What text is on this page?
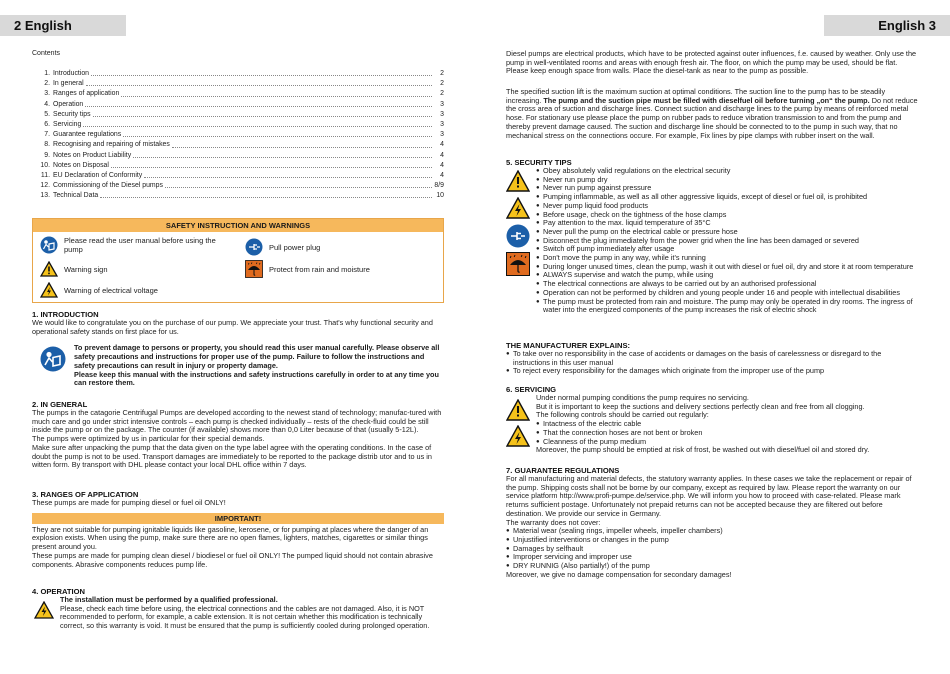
2 English	English 3
Contents
1. Introduction	2
2. In general	2
3. Ranges of application	2
4. Operation	3
5. Security tips	3
6. Servicing	3
7. Guarantee regulations	3
8. Recognising and repairing of mistakes	4
9. Notes on Product Liability	4
10. Notes on Disposal	4
11. EU Declaration of Conformity	4
12. Commissioning of the Diesel pumps	8/9
13. Technical Data	10
SAFETY INSTRUCTION AND WARNINGS
Please read the user manual before using the pump
Warning sign
Warning of electrical voltage
Pull power plug
Protect from rain and moisture
1. INTRODUCTION
We would like to congratulate you on the purchase of our pump. We appreciate your trust. That's why functional security and operational safety stands on first place for us.
To prevent damage to persons or property, you should read this user manual carefully. Please observe all safety precautions and instructions for proper use of the pump. Failure to follow the instructions and safety precautions can result in injury or property damage.
Please keep this manual with the instructions and safety instructions carefully in order to at any time you can restore them.
2. IN GENERAL
The pumps in the catagorie Centrifugal Pumps are developed according to the newest stand of technology; manufac-tured with much care and go under strict intensive controls – each pump is checked individually – rests of the check-fluid could be still inside the pump or on the package. The counter (if available) shows more than 0,0 Liter because of that (usually 5-12L).
The pumps were optimized by us in particular for their special demands.
Make sure after unpacking the pump that the data given on the type label agree with the operating conditions. In the case of doubt the pump is not to be used. Transport damages are immediately to be reported to the package distrib utor and to us in witten form. By transport with DHL please contact your local DHL office within 7 days.
3. RANGES OF APPLICATION
These pumps are made for pumping diesel or fuel oil ONLY!
IMPORTANT!
They are not suitable for pumping ignitable liquids like gasoline, kerosene, or for pumping at places where the danger of an explosion exists. When using the pump, make sure there are no open flames, lighters, matches, cigarettes or similar things present around you.
These pumps are made for pumping clean diesel / biodiesel or fuel oil ONLY! The pumped liquid should not contain abrasive components. Abrasive components reduces pump life.
4. OPERATION
The installation must be performed by a qualified professional.
Please, check each time before using, the electrical connections and the cables are not damaged. Also, it is NOT recommended to perform, for example, a cable extension. It is not certain whether this modification is technically correct, so this warranty is void. It must be ensured that the pump is sufficiently cooled during prolonged operation.
Diesel pumps are electrical products, which have to be protected against outer influences, f.e. caused by weather. Only use the pump in well-ventilated rooms and areas with enough fresh air. The floor, on which the pump may be used, should be flat. Please keep enough space from walls. Place the diesel-tank as near to the pump as possible.
The specified suction lift is the maximum suction at optimal conditions. The suction line to the pump has to be steadily increasing. The pump and the suction pipe must be filled with dieselfuel oil before turning „on“ the pump. Do not reduce the cross area of suction and discharge lines. Connect suction and discharge lines to the pump by means of reinforced metal hose. For stationary use please place the pump on rubber pads to reduce vibration transmission to and from the pump and thereby prevent damage caused. The suction and discharge line should be connected to to the pump in such way, that no mechanical stress on the connections occure. For example, Fix lines by pipe clamps with rubber insert on the wall.
5. SECURITY TIPS
● Obey absolutely valid regulations on the electrical security
● Never run pump dry
● Never run pump against pressure
● Pumping inflammable, as well as all other aggressive liquids, except of diesel or fuel oil, is prohibited
● Never pump liquid food products
● Before usage, check on the tightness of the hose clamps
● Pay attention to the max. liquid temperature of 35°C
● Never pull the pump on the electrical cable or pressure hose
● Disconnect the plug immediately from the power grid when the line has been damaged or severed
● Switch off pump immediately after usage
● Don't move the pump in any way, while it's running
● During longer unused times, clean the pump, wash it out with diesel or fuel oil, dry and store it at room temperature
● ALWAYS supervise and watch the pump, while using
● The electrical connections are always to be carried out by an authorised professional
● Operation can not be performed by children and young people under 16 and people with intellectual disabilities
● The pump must be protected from rain and moisture. The pump may only be operated in dry rooms. The ingress of water into the energized components of the pump increases the risk of electric shock
THE MANUFACTURER EXPLAINS:
● To take over no responsibility in the case of accidents or damages on the basis of carelessness or disregard to the instructions in this user manual
● To reject every responsibility for the damages which originate from the improper use of the pump
6. SERVICING
Under normal pumping conditions the pump requires no servicing.
But it is important to keep the suctions and delivery sections perfectly clean and free from all clogging.
The following controls should be carried out regularly:
● Intactness of the electric cable
● That the connection hoses are not bent or broken
● Cleanness of the pump medium
Moreover, the pump should be emptied at risk of frost, be washed out with diesel/fuel oil and stored dry.
7. GUARANTEE REGULATIONS
For all manufacturing and material defects, the statutory warranty applies. In these cases we take the replacement or repair of the pump. Shipping costs shall not be borne by our company, except as required by law. Please report the warranty on our service platform http://www.profi-pumpe.de/service.php. We will inform you how to proceed with case-related. Please mark returns sufficient postage. Unfortunately not prepaid returns can not be accepted because they are filtered out before destination. We provide our service in Germany.
The warranty does not cover:
● Material wear (sealing rings, impeller wheels, impeller chambers)
● Unjustified interventions or changes in the pump
● Damages by selfhault
● Improper servicing and improper use
● DRY RUNNIG (Also partially!) of the pump
Moreover, we give no damage compensation for secondary damages!
